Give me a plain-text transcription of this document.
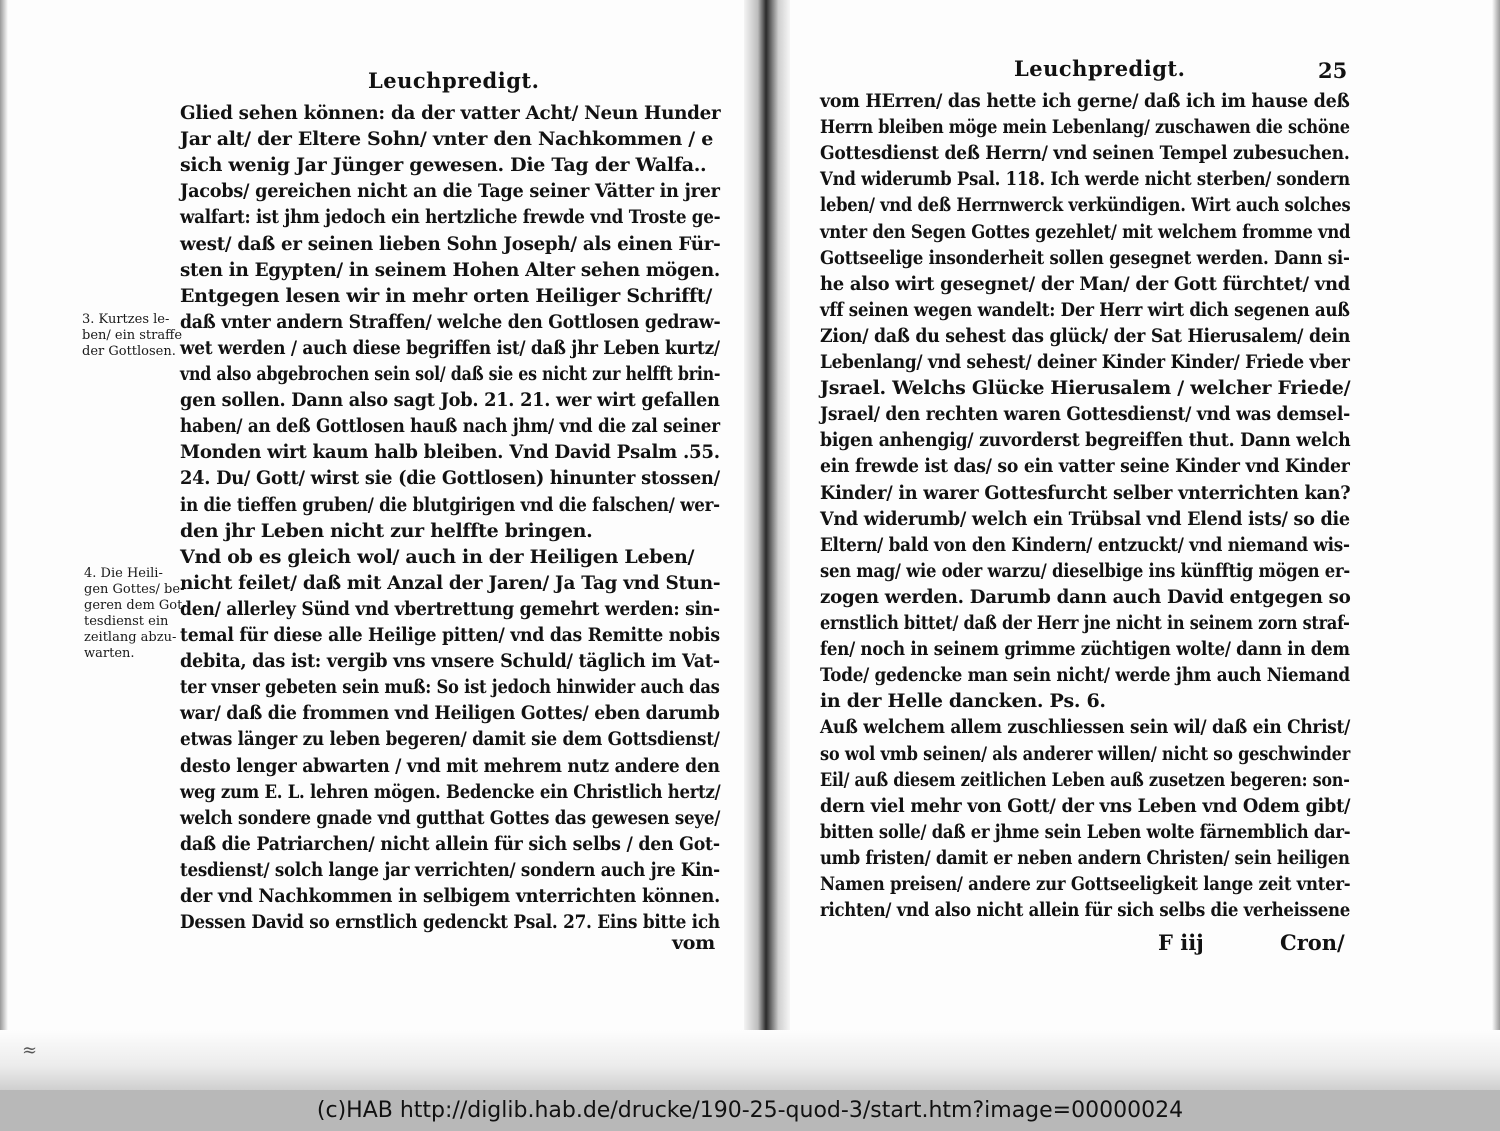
Leuchpredigt.
Glied sehen können: da der vatter Acht/ Neun Hunder
Jar alt/ der Eltere Sohn/ vnter den Nachkommen / e
sich wenig Jar Jünger gewesen. Die Tag der Walfa..
Jacobs/ gereichen nicht an die Tage seiner Vätter in jrer
walfart: ist jhm jedoch ein hertzliche frewde vnd Troste ge-
west/ daß er seinen lieben Sohn Joseph/ als einen Für-
sten in Egypten/ in seinem Hohen Alter sehen mögen.
Entgegen lesen wir in mehr orten Heiliger Schrifft/
daß vnter andern Straffen/ welche den Gottlosen gedraw-
wet werden / auch diese begriffen ist/ daß jhr Leben kurtz/
vnd also abgebrochen sein sol/ daß sie es nicht zur helfft brin-
gen sollen. Dann also sagt Job. 21. 21. wer wirt gefallen
haben/ an deß Gottlosen hauß nach jhm/ vnd die zal seiner
Monden wirt kaum halb bleiben. Vnd David Psalm .55.
24. Du/ Gott/ wirst sie (die Gottlosen) hinunter stossen/
in die tieffen gruben/ die blutgirigen vnd die falschen/ wer-
den jhr Leben nicht zur helffte bringen.
Vnd ob es gleich wol/ auch in der Heiligen Leben/
nicht feilet/ daß mit Anzal der Jaren/ Ja Tag vnd Stun-
den/ allerley Sünd vnd vbertrettung gemehrt werden: sin-
temal für diese alle Heilige pitten/ vnd das Remitte nobis
debita, das ist: vergib vns vnsere Schuld/ täglich im Vat-
ter vnser gebeten sein muß: So ist jedoch hinwider auch das
war/ daß die frommen vnd Heiligen Gottes/ eben darumb
etwas länger zu leben begeren/ damit sie dem Gottsdienst/
desto lenger abwarten / vnd mit mehrem nutz andere den
weg zum E. L. lehren mögen. Bedencke ein Christlich hertz/
welch sondere gnade vnd gutthat Gottes das gewesen seye/
daß die Patriarchen/ nicht allein für sich selbs / den Got-
tesdienst/ solch lange jar verrichten/ sondern auch jre Kin-
der vnd Nachkommen in selbigem vnterrichten können.
Dessen David so ernstlich gedenckt Psal. 27. Eins bitte ich
vom
3. Kurtzes le-
ben/ ein straffe
der Gottlosen.
4. Die Heili-
gen Gottes/ be-
geren dem Got-
tesdienst ein
zeitlang abzu-
warten.
Leuchpredigt.	25
vom HErren/ das hette ich gerne/ daß ich im hause deß
Herrn bleiben möge mein Lebenlang/ zuschawen die schöne
Gottesdienst deß Herrn/ vnd seinen Tempel zubesuchen.
Vnd widerumb Psal. 118. Ich werde nicht sterben/ sondern
leben/ vnd deß Herrnwerck verkündigen. Wirt auch solches
vnter den Segen Gottes gezehlet/ mit welchem fromme vnd
Gottseelige insonderheit sollen gesegnet werden. Dann si-
he also wirt gesegnet/ der Man/ der Gott fürchtet/ vnd
vff seinen wegen wandelt: Der Herr wirt dich segenen auß
Zion/ daß du sehest das glück/ der Sat Hierusalem/ dein
Lebenlang/ vnd sehest/ deiner Kinder Kinder/ Friede vber
Jsrael. Welchs Glücke Hierusalem / welcher Friede/
Jsrael/ den rechten waren Gottesdienst/ vnd was demsel-
bigen anhengig/ zuvorderst begreiffen thut. Dann welch
ein frewde ist das/ so ein vatter seine Kinder vnd Kinder
Kinder/ in warer Gottesfurcht selber vnterrichten kan?
Vnd widerumb/ welch ein Trübsal vnd Elend ists/ so die
Eltern/ bald von den Kindern/ entzuckt/ vnd niemand wis-
sen mag/ wie oder warzu/ dieselbige ins künfftig mögen er-
zogen werden. Darumb dann auch David entgegen so
ernstlich bittet/ daß der Herr jne nicht in seinem zorn straf-
fen/ noch in seinem grimme züchtigen wolte/ dann in dem
Tode/ gedencke man sein nicht/ werde jhm auch Niemand
in der Helle dancken. Ps. 6.
Auß welchem allem zuschliessen sein wil/ daß ein Christ/
so wol vmb seinen/ als anderer willen/ nicht so geschwinder
Eil/ auß diesem zeitlichen Leben auß zusetzen begeren: son-
dern viel mehr von Gott/ der vns Leben vnd Odem gibt/
bitten solle/ daß er jhme sein Leben wolte färnemblich dar-
umb fristen/ damit er neben andern Christen/ sein heiligen
Namen preisen/ andere zur Gottseeligkeit lange zeit vnter-
richten/ vnd also nicht allein für sich selbs die verheissene
F iij	Cron/
≈
(c)HAB http://diglib.hab.de/drucke/190-25-quod-3/start.htm?image=00000024
